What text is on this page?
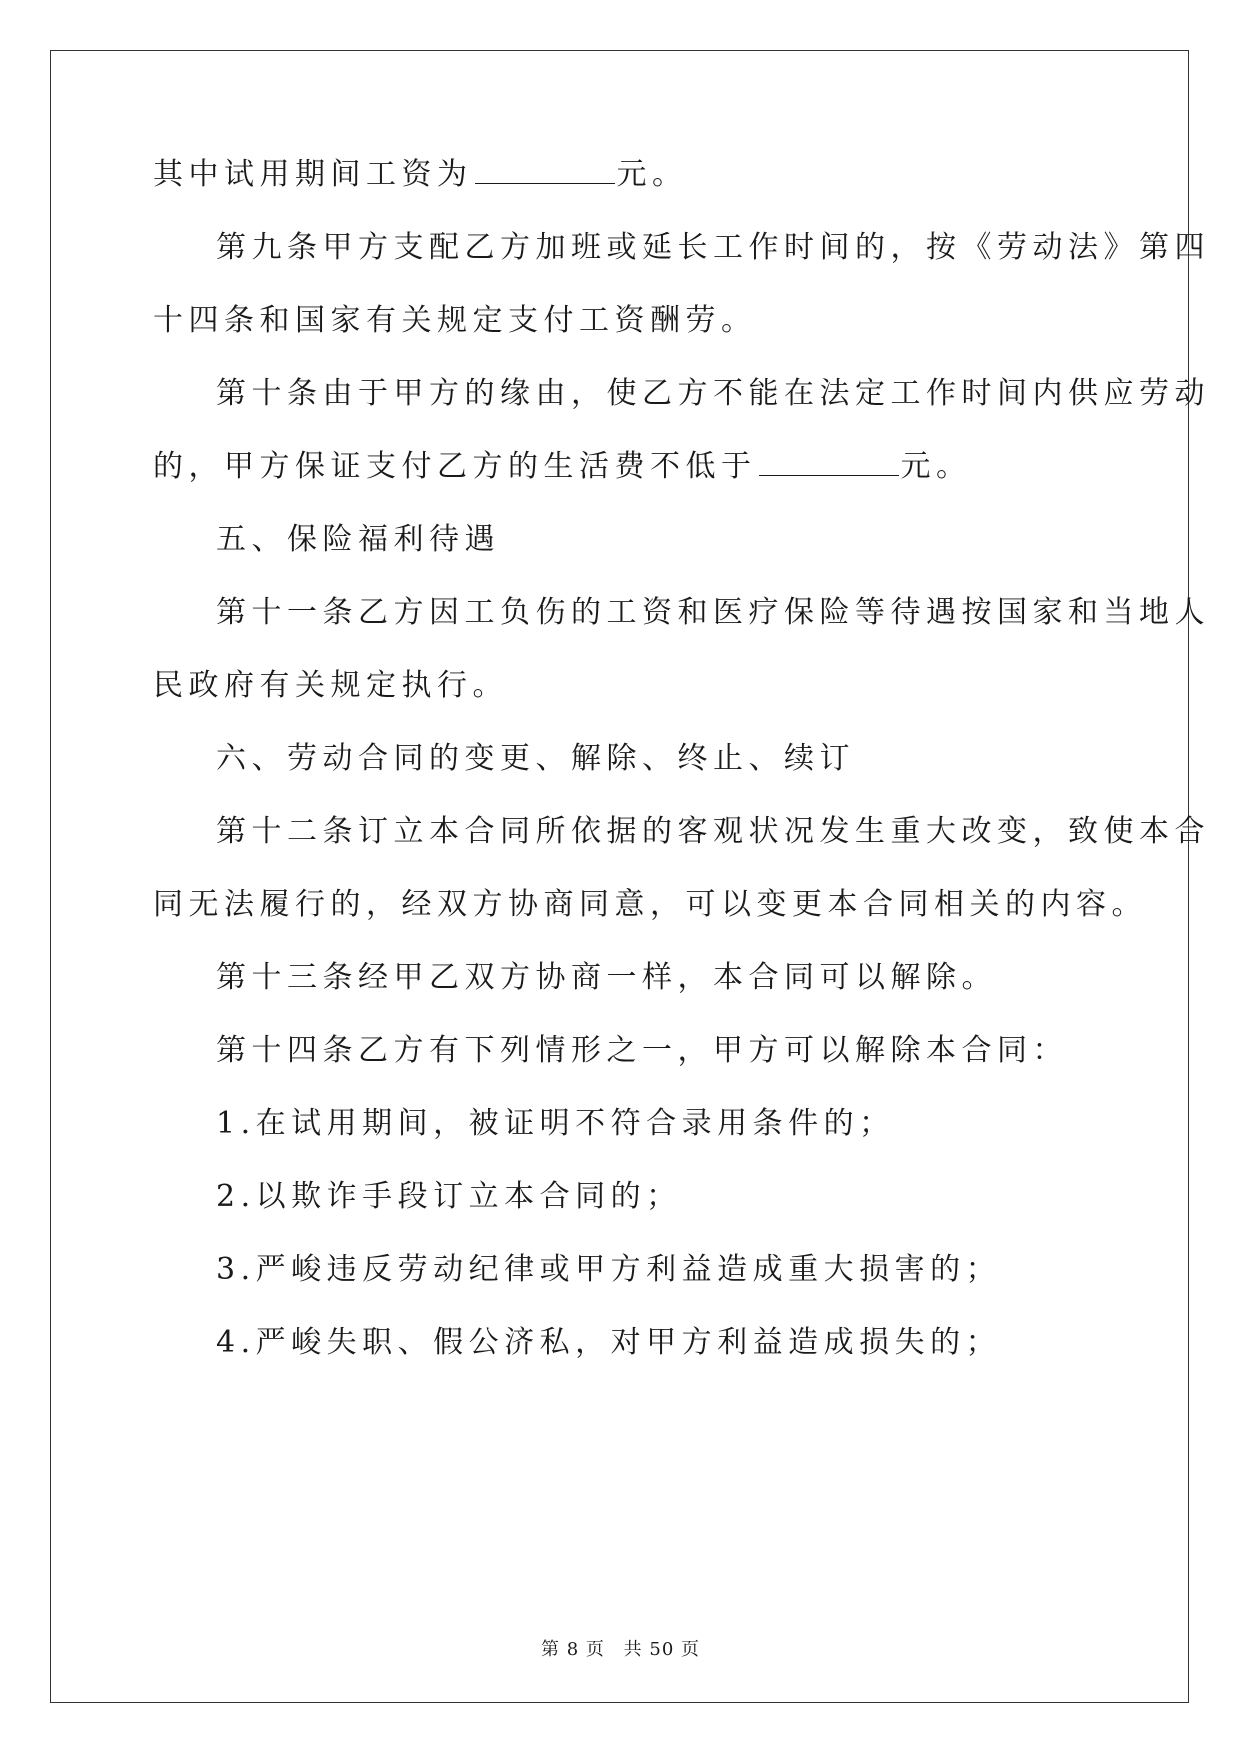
其中试用期间工资为	元。
第九条甲方支配乙方加班或延长工作时间的，按《劳动法》第四
十四条和国家有关规定支付工资酬劳。
第十条由于甲方的缘由，使乙方不能在法定工作时间内供应劳动
的，甲方保证支付乙方的生活费不低于	元。
五、保险福利待遇
第十一条乙方因工负伤的工资和医疗保险等待遇按国家和当地人
民政府有关规定执行。
六、劳动合同的变更、解除、终止、续订
第十二条订立本合同所依据的客观状况发生重大改变，致使本合
同无法履行的，经双方协商同意，可以变更本合同相关的内容。
第十三条经甲乙双方协商一样，本合同可以解除。
第十四条乙方有下列情形之一，甲方可以解除本合同：
1.在试用期间，被证明不符合录用条件的；
2.以欺诈手段订立本合同的；
3.严峻违反劳动纪律或甲方利益造成重大损害的；
4.严峻失职、假公济私，对甲方利益造成损失的；
第 8 页 共 50 页
